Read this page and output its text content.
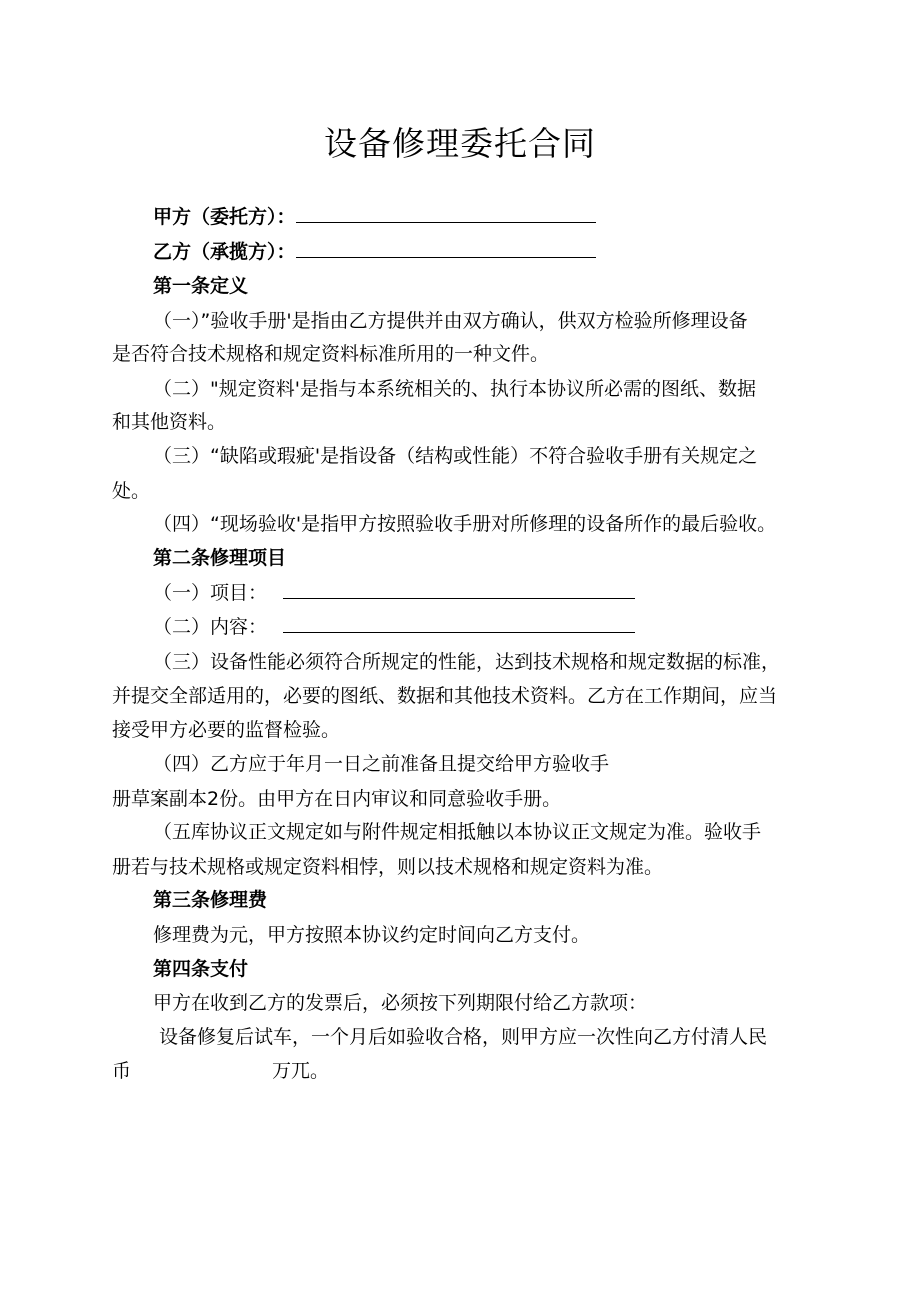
设备修理委托合同
甲方（委托方）：
乙方（承揽方）：
第一条定义
（一）”验收手册'是指由乙方提供并由双方确认，供双方检验所修理设备
是否符合技术规格和规定资料标准所用的一种文件。
（二）"规定资料'是指与本系统相关的、执行本协议所必需的图纸、数据
和其他资料。
（三）“缺陷或瑕疵'是指设备（结构或性能）不符合验收手册有关规定之
处。
（四）“现场验收'是指甲方按照验收手册对所修理的设备所作的最后验收。
第二条修理项目
（一）项目：
（二）内容：
（三）设备性能必须符合所规定的性能，达到技术规格和规定数据的标准，
并提交全部适用的，必要的图纸、数据和其他技术资料。乙方在工作期间，应当
接受甲方必要的监督检验。
（四）乙方应于年月一日之前准备且提交给甲方验收手
册草案副本2份。由甲方在日内审议和同意验收手册。
（五库协议正文规定如与附件规定相抵触以本协议正文规定为准。验收手
册若与技术规格或规定资料相悖，则以技术规格和规定资料为准。
第三条修理费
修理费为元，甲方按照本协议约定时间向乙方支付。
第四条支付
甲方在收到乙方的发票后，必须按下列期限付给乙方款项：
设备修复后试车，一个月后如验收合格，则甲方应一次性向乙方付清人民
币	万兀。
